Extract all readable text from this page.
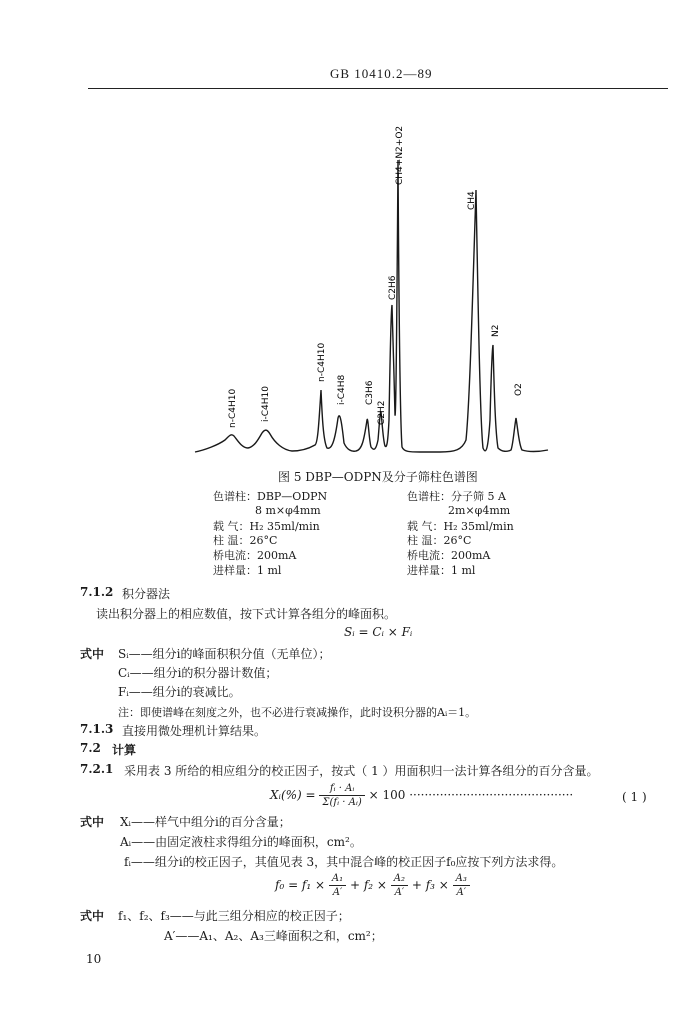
GB 10410.2—89
n-C4H10	i-C4H10
n-C4H10
i-C4H8 C3H6
C2H2
C2H6
CH4+N2+O2
CH4
N2
O2
图 5 DBP—ODPN及分子筛柱色谱图
色谱柱：DBP—ODPN
8 m×φ4mm
载 气：H₂ 35ml/min
柱 温：26°C
桥电流：200mA
进样量：1 ml
色谱柱：分子筛 5 A
2m×φ4mm
载 气：H₂ 35ml/min
柱 温：26°C
桥电流：200mA
进样量：1 ml
7.1.2 积分器法
读出积分器上的相应数值，按下式计算各组分的峰面积。
Sᵢ = Cᵢ × Fᵢ
式中 Sᵢ——组分i的峰面积积分值（无单位）；
Cᵢ——组分i的积分器计数值；
Fᵢ——组分i的衰减比。
注：即使谱峰在刻度之外，也不必进行衰减操作，此时设积分器的Aᵢ＝1。
7.1.3 直接用微处理机计算结果。
7.2 计算
7.2.1 采用表 3 所给的相应组分的校正因子，按式（ 1 ）用面积归一法计算各组分的百分含量。
Xᵢ(%) = $\frac{\text{fᵢ · Aᵢ}}{\text{Σ(fᵢ · Aᵢ)}} \times 100$ ···········································	( 1 )
式中 Xᵢ——样气中组分i的百分含量；
Aᵢ——由固定液柱求得组分i的峰面积，cm²。
fᵢ——组分i的校正因子，其值见表 3，其中混合峰的校正因子f₀应按下列方法求得。
$f_0 = f_1 \times \frac{\text{A₁}}{A'} + f_2 \times \frac{\text{A₂}}{A'} + f_3 \times \frac{\text{A₃}}{A'}$
式中 f₁、f₂、f₃——与此三组分相应的校正因子；
A′——A₁、A₂、A₃三峰面积之和，cm²；
10
